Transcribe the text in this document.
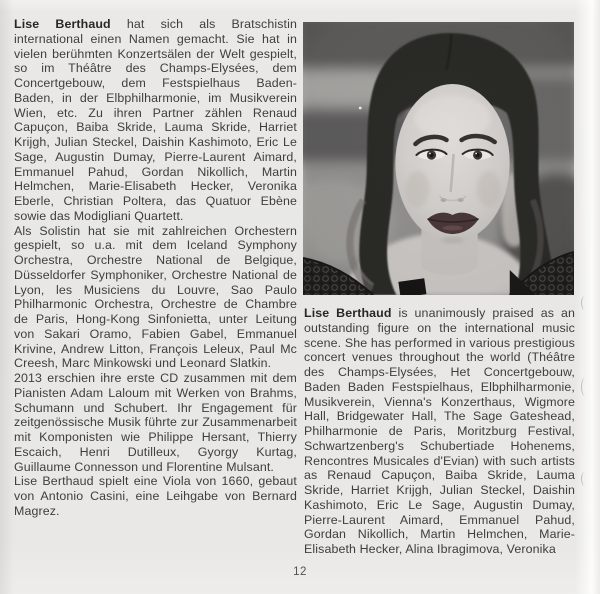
Lise Berthaud hat sich als Bratschistin international einen Namen gemacht. Sie hat in vielen berühmten Konzertsälen der Welt gespielt, so im Théâtre des Champs-Elysées, dem Concertgebouw, dem Festspielhaus Baden-Baden, in der Elbphilharmonie, im Musikverein Wien, etc. Zu ihren Partner zählen Renaud Capuçon, Baiba Skride, Lauma Skride, Harriet Krijgh, Julian Steckel, Daishin Kashimoto, Eric Le Sage, Augustin Dumay, Pierre-Laurent Aimard, Emmanuel Pahud, Gordan Nikollich, Martin Helmchen, Marie-Elisabeth Hecker, Veronika Eberle, Christian Poltera, das Quatuor Ebène sowie das Modigliani Quartett.

Als Solistin hat sie mit zahlreichen Orchestern gespielt, so u.a. mit dem Iceland Symphony Orchestra, Orchestre National de Belgique, Düsseldorfer Symphoniker, Orchestre National de Lyon, les Musiciens du Louvre, Sao Paulo Philharmonic Orchestra, Orchestre de Chambre de Paris, Hong-Kong Sinfonietta, unter Leitung von Sakari Oramo, Fabien Gabel, Emmanuel Krivine, Andrew Litton, François Leleux, Paul Mc Creesh, Marc Minkowski und Leonard Slatkin.

2013 erschien ihre erste CD zusammen mit dem Pianisten Adam Laloum mit Werken von Brahms, Schumann und Schubert. Ihr Engagement für zeitgenössische Musik führte zur Zusammenarbeit mit Komponisten wie Philippe Hersant, Thierry Escaich, Henri Dutilleux, Gyorgy Kurtag, Guillaume Connesson und Florentine Mulsant.

Lise Berthaud spielt eine Viola von 1660, gebaut von Antonio Casini, eine Leihgabe von Bernard Magrez.

Lise Berthaud is unanimously praised as an outstanding figure on the international music scene. She has performed in various prestigious concert venues throughout the world (Théâtre des Champs-Elysées, Het Concertgebouw, Baden Baden Festspielhaus, Elbphilharmonie, Musikverein, Vienna's Konzerthaus, Wigmore Hall, Bridgewater Hall, The Sage Gateshead, Philharmonie de Paris, Moritzburg Festival, Schwartzenberg's Schubertiade Hohenems, Rencontres Musicales d'Evian) with such artists as Renaud Capuçon, Baiba Skride, Lauma Skride, Harriet Krijgh, Julian Steckel, Daishin Kashimoto, Eric Le Sage, Augustin Dumay, Pierre-Laurent Aimard, Emmanuel Pahud, Gordan Nikollich, Martin Helmchen, Marie-Elisabeth Hecker, Alina Ibragimova, Veronika

12
